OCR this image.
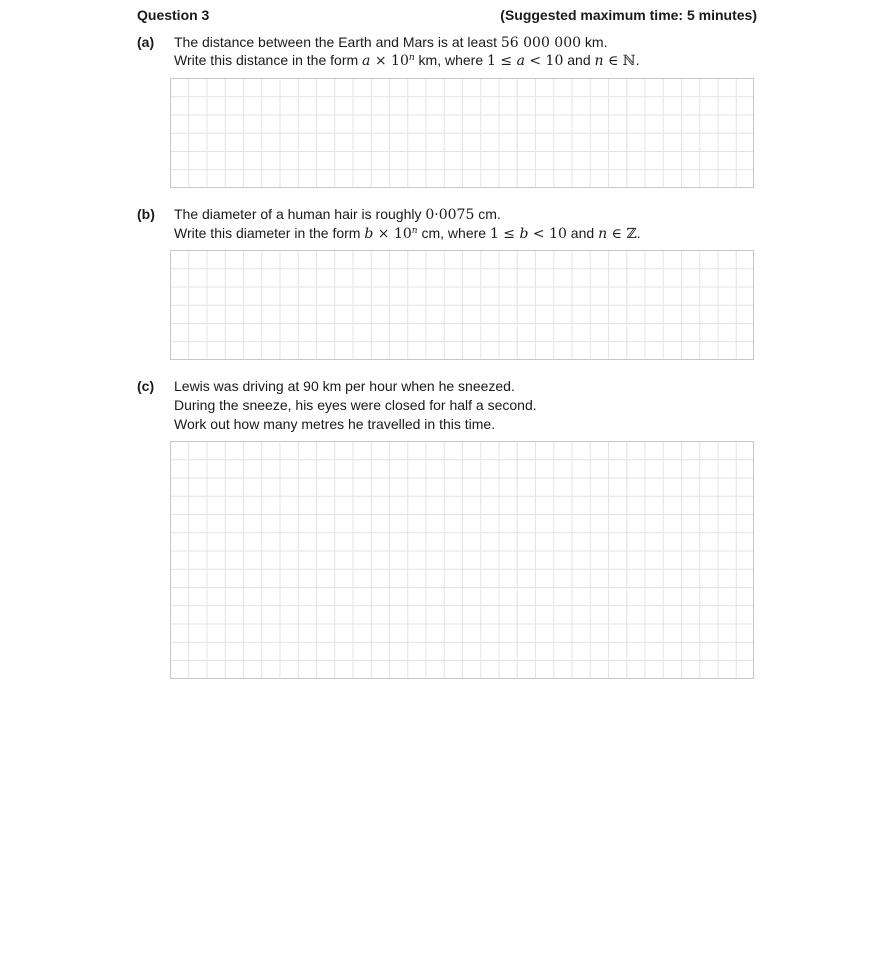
Question 3	(Suggested maximum time: 5 minutes)
(a) The distance between the Earth and Mars is at least 56 000 000 km.
Write this distance in the form $a \times 10^n$ km, where 1 ≤ a < 10 and n ∈ ℕ.
(b) The diameter of a human hair is roughly 0·0075 cm.
Write this diameter in the form $b \times 10^n$ cm, where 1 ≤ b < 10 and n ∈ ℤ.
(c) Lewis was driving at 90 km per hour when he sneezed.
During the sneeze, his eyes were closed for half a second.
Work out how many metres he travelled in this time.
